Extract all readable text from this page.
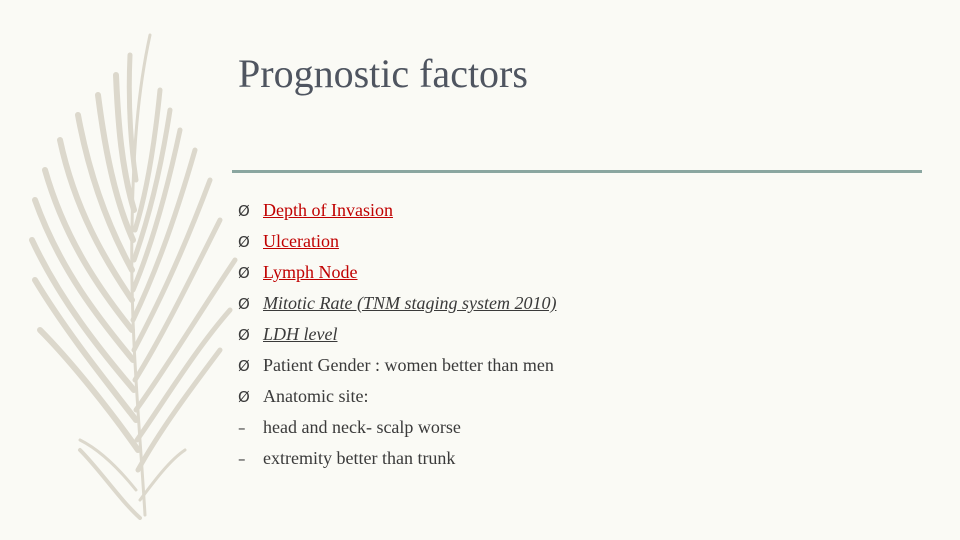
Prognostic factors
Ø Depth of Invasion
Ø Ulceration
Ø Lymph Node
Ø Mitotic Rate (TNM staging system 2010)
Ø LDH level
Ø Patient Gender : women better than men
Ø Anatomic site:
– head and neck- scalp worse
– extremity better than trunk
